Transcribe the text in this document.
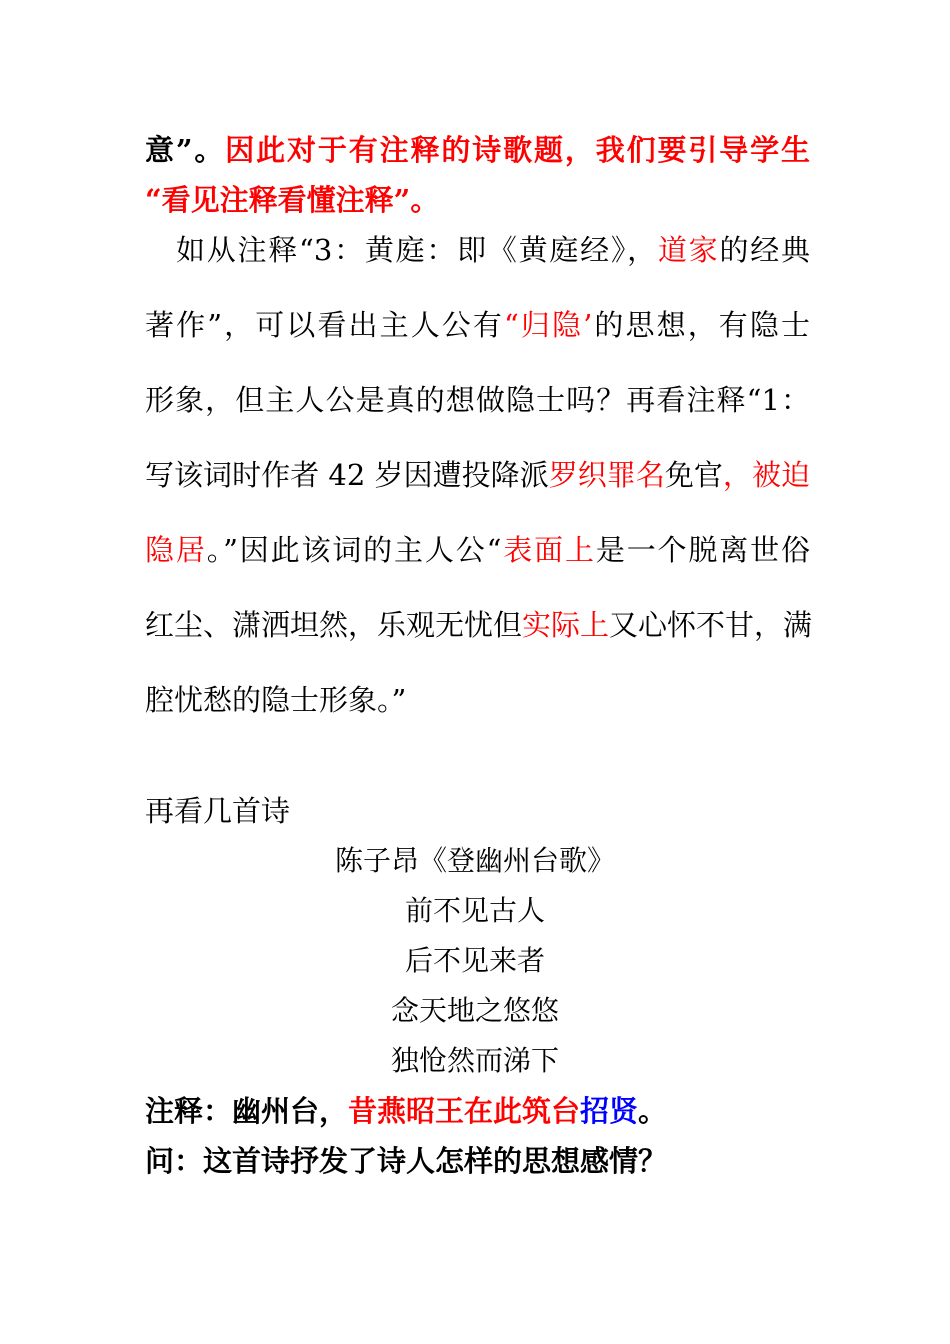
意”。因此对于有注释的诗歌题，我们要引导学生
“看见注释看懂注释”。
如从注释“3：黄庭：即《黄庭经》，道家的经典
著作”，可以看出主人公有“归隐’的思想，有隐士
形象，但主人公是真的想做隐士吗？再看注释“1：
写该词时作者 42 岁因遭投降派罗织罪名免官，被迫
隐居。”因此该词的主人公“表面上是一个脱离世俗
红尘、潇洒坦然，乐观无忧但实际上又心怀不甘，满
腔忧愁的隐士形象。”
再看几首诗
陈子昂《登幽州台歌》
前不见古人
后不见来者
念天地之悠悠
独怆然而涕下
注释：幽州台，昔燕昭王在此筑台招贤。
问：这首诗抒发了诗人怎样的思想感情？
